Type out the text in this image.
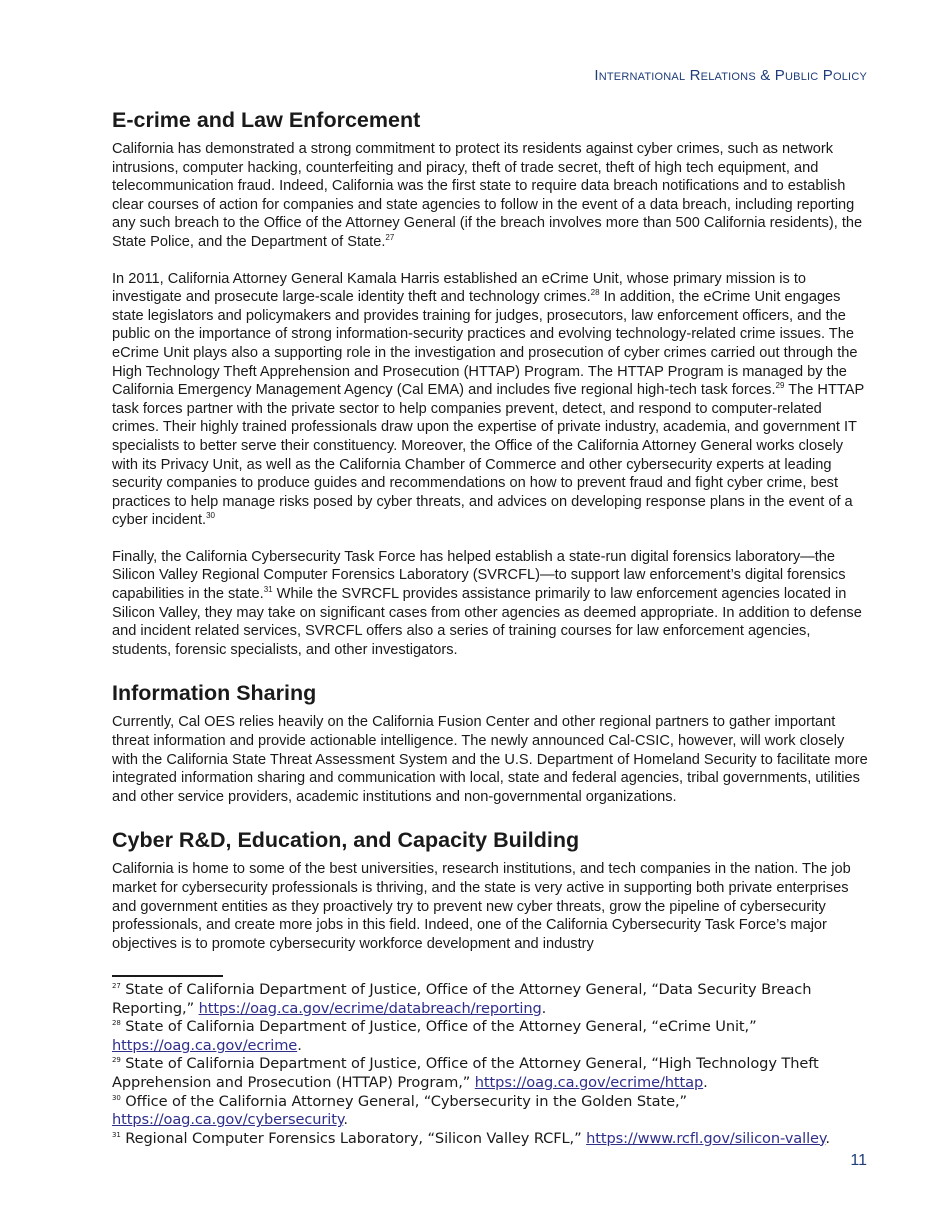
International Relations & Public Policy
E-crime and Law Enforcement

California has demonstrated a strong commitment to protect its residents against cyber crimes, such as network intrusions, computer hacking, counterfeiting and piracy, theft of trade secret, theft of high tech equipment, and telecommunication fraud. Indeed, California was the first state to require data breach notifications and to establish clear courses of action for companies and state agencies to follow in the event of a data breach, including reporting any such breach to the Office of the Attorney General (if the breach involves more than 500 California residents), the State Police, and the Department of State.$^{27}$

In 2011, California Attorney General Kamala Harris established an eCrime Unit, whose primary mission is to investigate and prosecute large-scale identity theft and technology crimes.$^{28}$ In addition, the eCrime Unit engages state legislators and policymakers and provides training for judges, prosecutors, law enforcement officers, and the public on the importance of strong information-security practices and evolving technology-related crime issues. The eCrime Unit plays also a supporting role in the investigation and prosecution of cyber crimes carried out through the High Technology Theft Apprehension and Prosecution (HTTAP) Program. The HTTAP Program is managed by the California Emergency Management Agency (Cal EMA) and includes five regional high-tech task forces.$^{29}$ The HTTAP task forces partner with the private sector to help companies prevent, detect, and respond to computer-related crimes. Their highly trained professionals draw upon the expertise of private industry, academia, and government IT specialists to better serve their constituency. Moreover, the Office of the California Attorney General works closely with its Privacy Unit, as well as the California Chamber of Commerce and other cybersecurity experts at leading security companies to produce guides and recommendations on how to prevent fraud and fight cyber crime, best practices to help manage risks posed by cyber threats, and advices on developing response plans in the event of a cyber incident.$^{30}$

Finally, the California Cybersecurity Task Force has helped establish a state-run digital forensics laboratory—the Silicon Valley Regional Computer Forensics Laboratory (SVRCFL)—to support law enforcement’s digital forensics capabilities in the state.$^{31}$ While the SVRCFL provides assistance primarily to law enforcement agencies located in Silicon Valley, they may take on significant cases from other agencies as deemed appropriate. In addition to defense and incident related services, SVRCFL offers also a series of training courses for law enforcement agencies, students, forensic specialists, and other investigators.

Information Sharing

Currently, Cal OES relies heavily on the California Fusion Center and other regional partners to gather important threat information and provide actionable intelligence. The newly announced Cal-CSIC, however, will work closely with the California State Threat Assessment System and the U.S. Department of Homeland Security to facilitate more integrated information sharing and communication with local, state and federal agencies, tribal governments, utilities and other service providers, academic institutions and non-governmental organizations.

Cyber R&D, Education, and Capacity Building

California is home to some of the best universities, research institutions, and tech companies in the nation. The job market for cybersecurity professionals is thriving, and the state is very active in supporting both private enterprises and government entities as they proactively try to prevent new cyber threats, grow the pipeline of cybersecurity professionals, and create more jobs in this field. Indeed, one of the California Cybersecurity Task Force’s major objectives is to promote cybersecurity workforce development and industry

$^{27}$ State of California Department of Justice, Office of the Attorney General, “Data Security Breach Reporting,” https://oag.ca.gov/ecrime/databreach/reporting.

$^{28}$ State of California Department of Justice, Office of the Attorney General, “eCrime Unit,” https://oag.ca.gov/ecrime.

$^{29}$ State of California Department of Justice, Office of the Attorney General, “High Technology Theft Apprehension and Prosecution (HTTAP) Program,” https://oag.ca.gov/ecrime/httap.

$^{30}$ Office of the California Attorney General, “Cybersecurity in the Golden State,” https://oag.ca.gov/cybersecurity.

$^{31}$ Regional Computer Forensics Laboratory, “Silicon Valley RCFL,” https://www.rcfl.gov/silicon-valley.

11
